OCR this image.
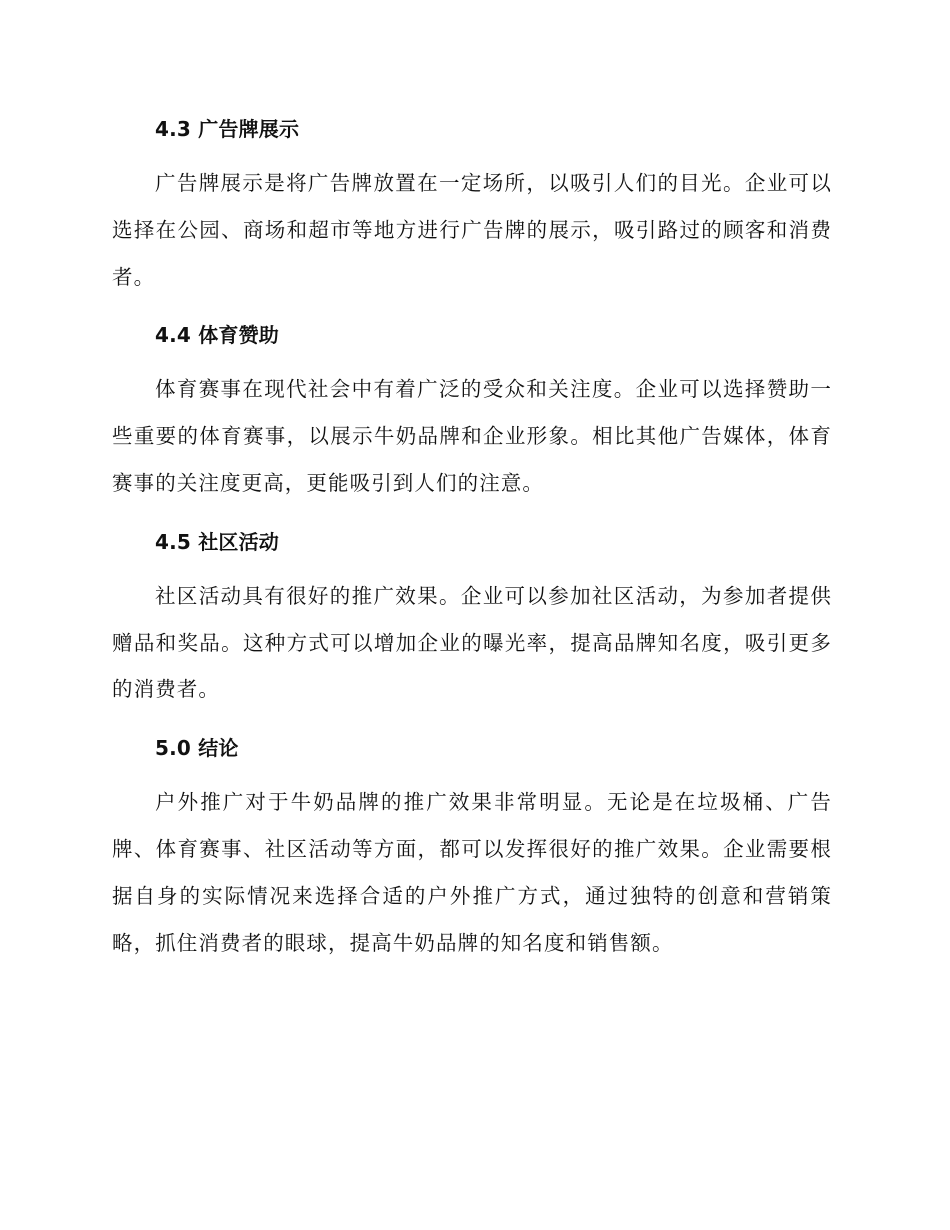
4.3 广告牌展示

广告牌展示是将广告牌放置在一定场所，以吸引人们的目光。企业可以选择在公园、商场和超市等地方进行广告牌的展示，吸引路过的顾客和消费者。

4.4 体育赞助

体育赛事在现代社会中有着广泛的受众和关注度。企业可以选择赞助一些重要的体育赛事，以展示牛奶品牌和企业形象。相比其他广告媒体，体育赛事的关注度更高，更能吸引到人们的注意。

4.5 社区活动

社区活动具有很好的推广效果。企业可以参加社区活动，为参加者提供赠品和奖品。这种方式可以增加企业的曝光率，提高品牌知名度，吸引更多的消费者。

5.0 结论

户外推广对于牛奶品牌的推广效果非常明显。无论是在垃圾桶、广告牌、体育赛事、社区活动等方面，都可以发挥很好的推广效果。企业需要根据自身的实际情况来选择合适的户外推广方式，通过独特的创意和营销策略，抓住消费者的眼球，提高牛奶品牌的知名度和销售额。
